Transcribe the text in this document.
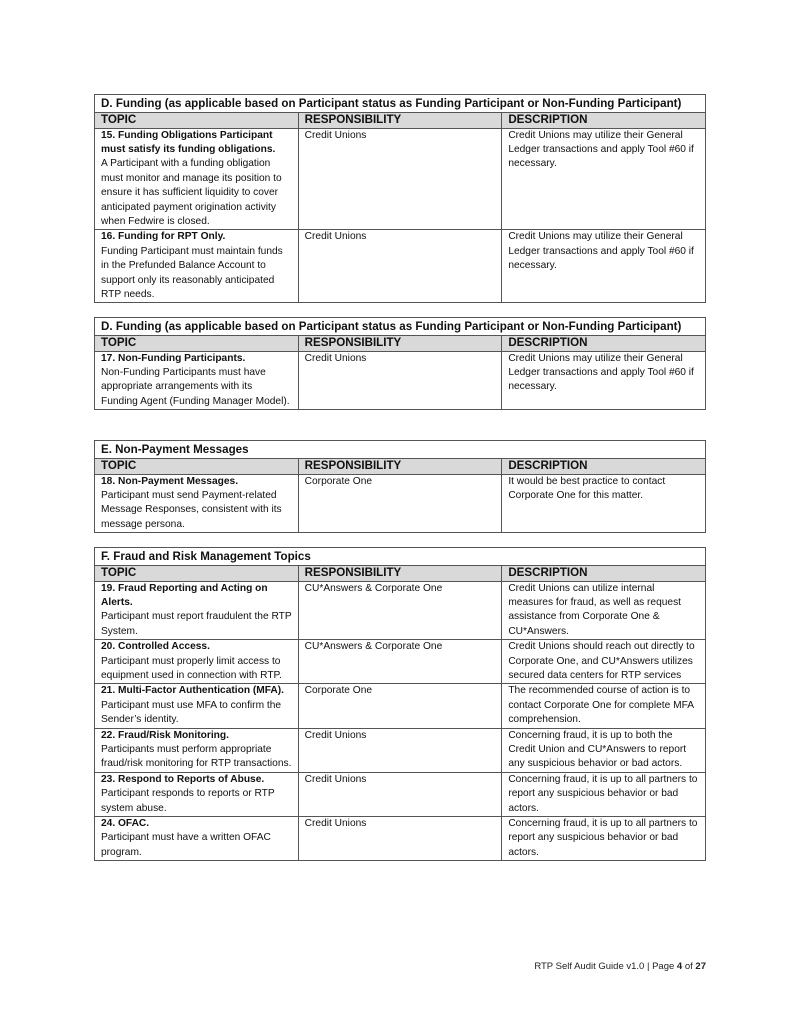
D. Funding (as applicable based on Participant status as Funding Participant or Non-Funding Participant)		
TOPIC	RESPONSIBILITY	DESCRIPTION

15. Funding Obligations Participant must satisfy its funding obligations.
A Participant with a funding obligation must monitor and manage its position to ensure it has sufficient liquidity to cover anticipated payment origination activity when Fedwire is closed.	Credit Unions	Credit Unions may utilize their General Ledger transactions and apply Tool #60 if necessary.

16. Funding for RPT Only.
Funding Participant must maintain funds in the Prefunded Balance Account to support only its reasonably anticipated RTP needs.	Credit Unions	Credit Unions may utilize their General Ledger transactions and apply Tool #60 if necessary.
D. Funding (as applicable based on Participant status as Funding Participant or Non-Funding Participant)		
TOPIC	RESPONSIBILITY	DESCRIPTION

17. Non-Funding Participants.
Non-Funding Participants must have appropriate arrangements with its Funding Agent (Funding Manager Model).	Credit Unions	Credit Unions may utilize their General Ledger transactions and apply Tool #60 if necessary.
E. Non-Payment Messages		
TOPIC	RESPONSIBILITY	DESCRIPTION

18. Non-Payment Messages.
Participant must send Payment-related Message Responses, consistent with its message persona.	Corporate One	It would be best practice to contact Corporate One for this matter.
F. Fraud and Risk Management Topics		
TOPIC	RESPONSIBILITY	DESCRIPTION

19. Fraud Reporting and Acting on Alerts.
Participant must report fraudulent the RTP System.	CU*Answers & Corporate One	Credit Unions can utilize internal measures for fraud, as well as request assistance from Corporate One & CU*Answers.

20. Controlled Access.
Participant must properly limit access to equipment used in connection with RTP.	CU*Answers & Corporate One	Credit Unions should reach out directly to Corporate One, and CU*Answers utilizes secured data centers for RTP services

21. Multi-Factor Authentication (MFA).
Participant must use MFA to confirm the Sender’s identity.	Corporate One	The recommended course of action is to contact Corporate One for complete MFA comprehension.

22. Fraud/Risk Monitoring.
Participants must perform appropriate fraud/risk monitoring for RTP transactions.	Credit Unions	Concerning fraud, it is up to both the Credit Union and CU*Answers to report any suspicious behavior or bad actors.

23. Respond to Reports of Abuse.
Participant responds to reports or RTP system abuse.	Credit Unions	Concerning fraud, it is up to all partners to report any suspicious behavior or bad actors.

24. OFAC.
Participant must have a written OFAC program.	Credit Unions	Concerning fraud, it is up to all partners to report any suspicious behavior or bad actors.
RTP Self Audit Guide v1.0 | Page 4 of 27
